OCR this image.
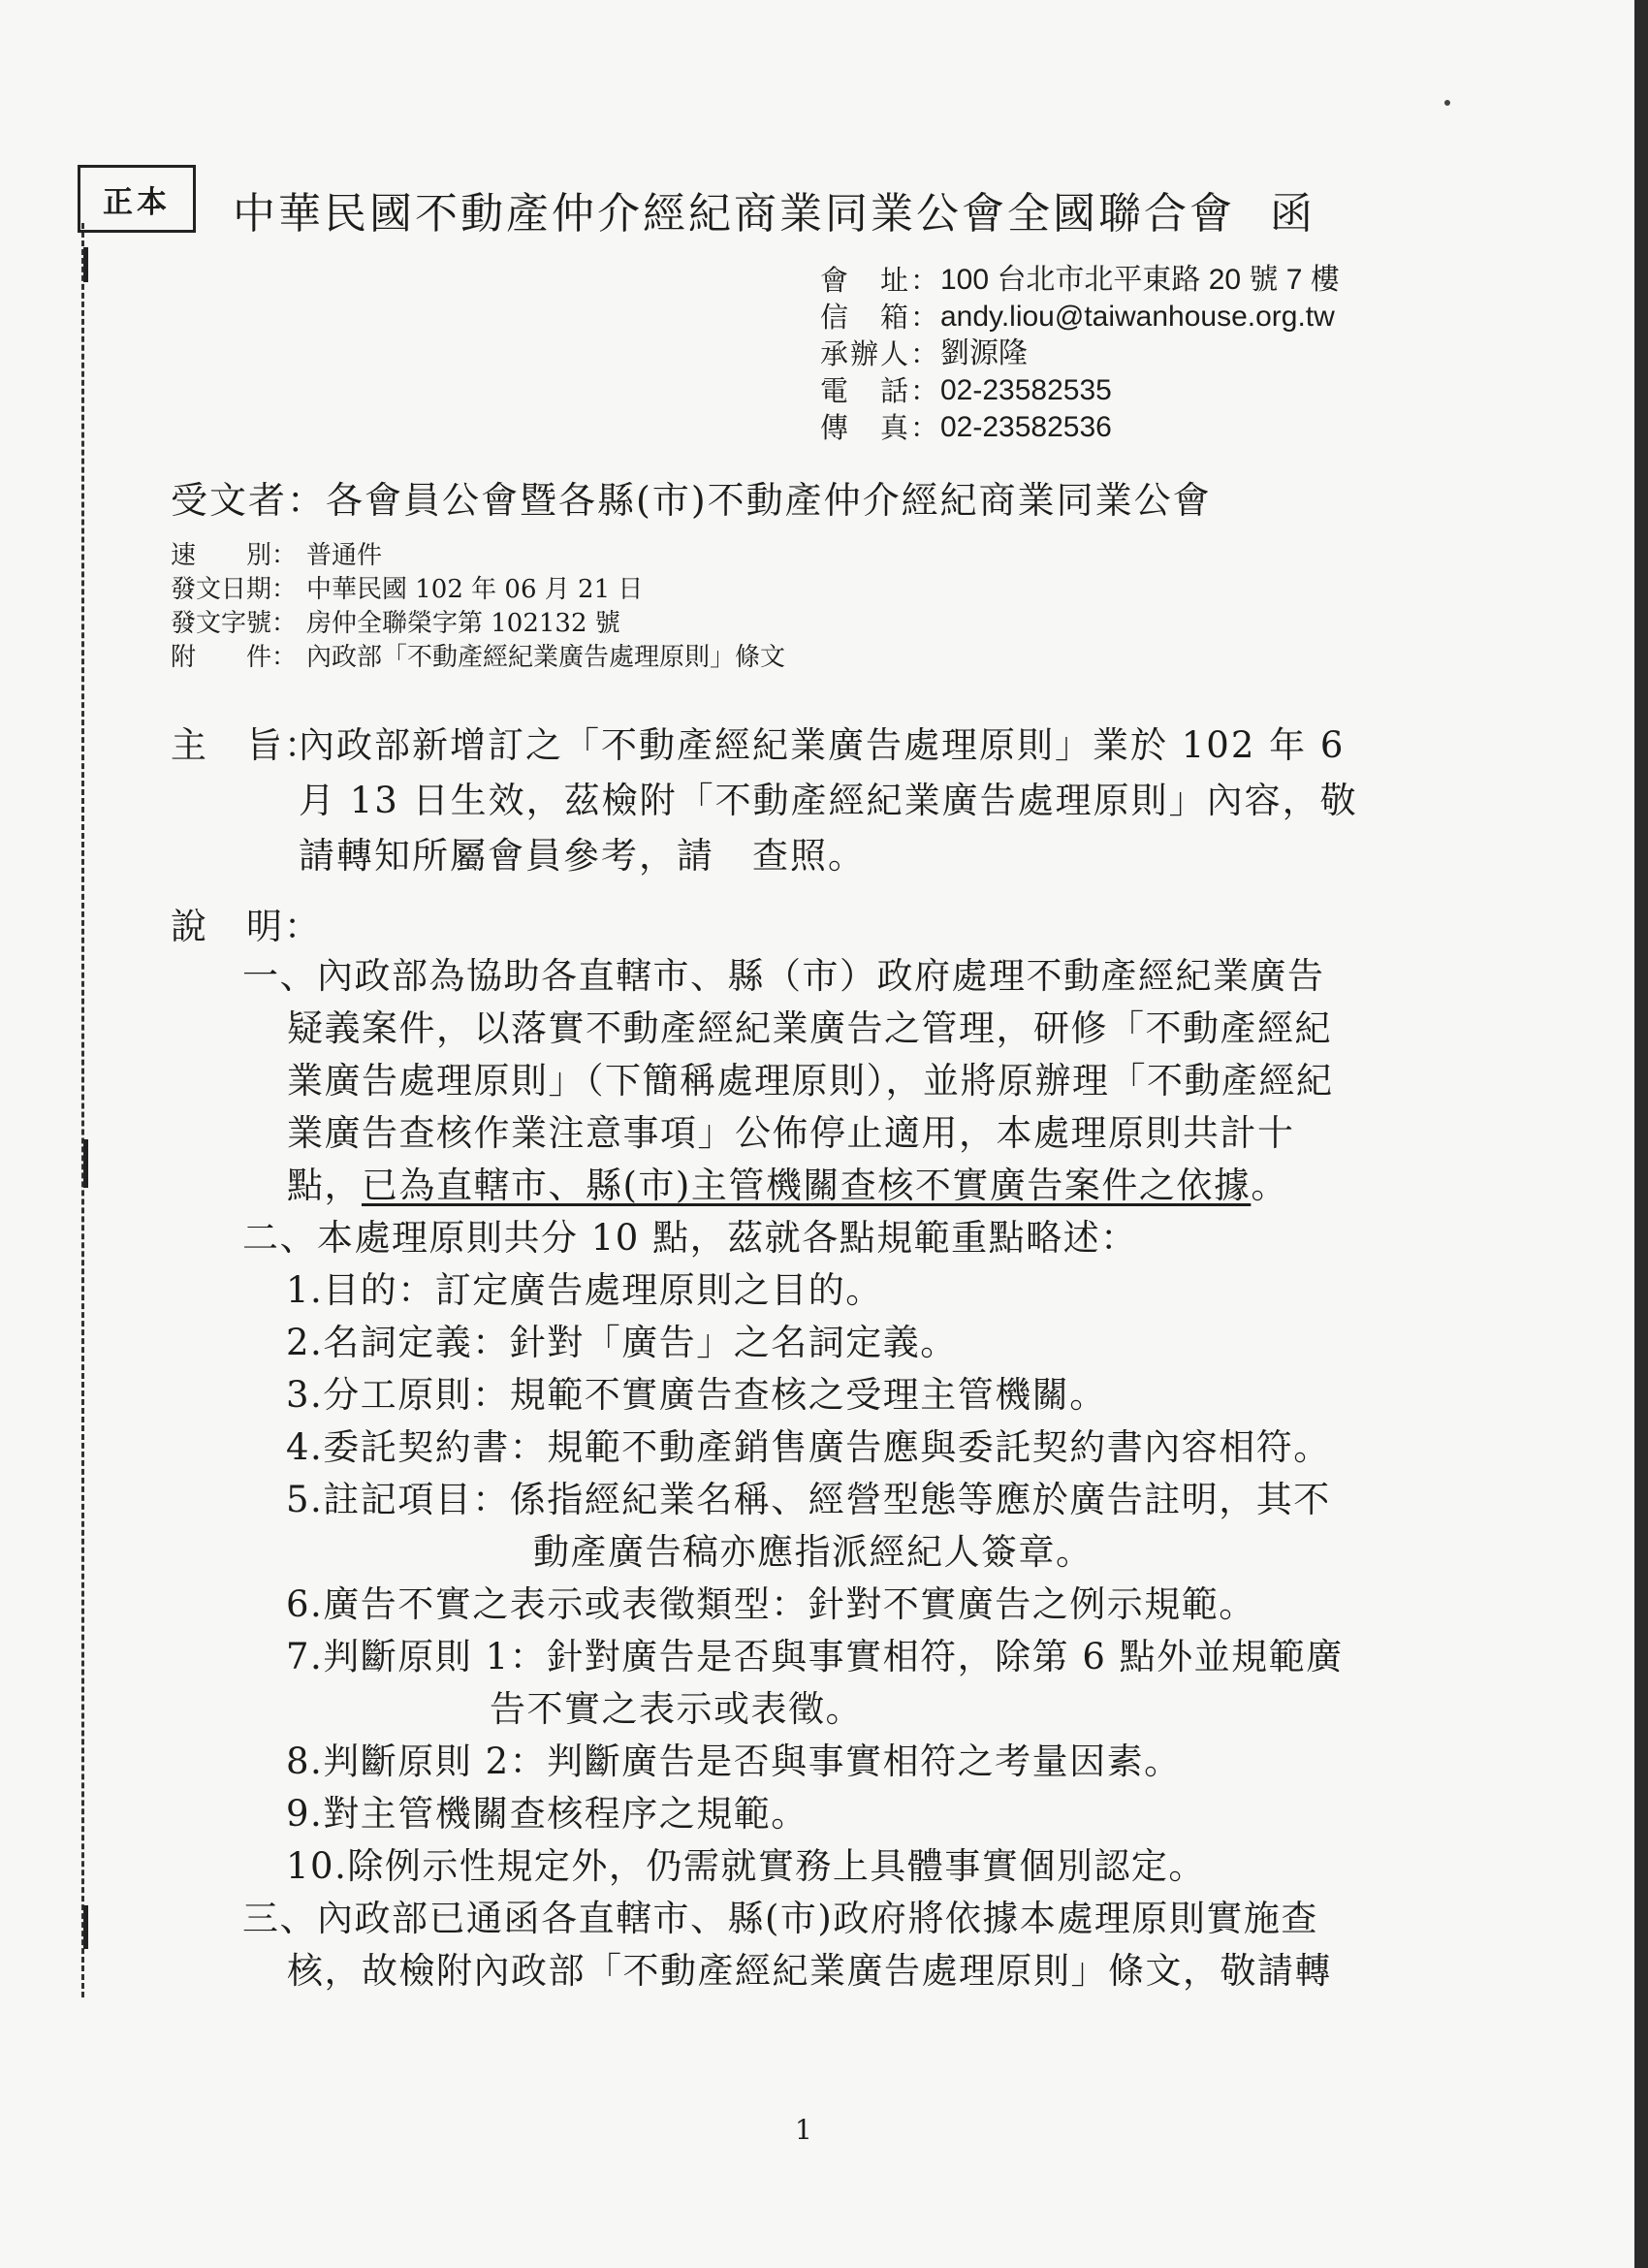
正本	中華民國不動產仲介經紀商業同業公會全國聯合會 函
會　址： 100 台北市北平東路 20 號 7 樓
信　箱： andy.liou@taiwanhouse.org.tw
承辦人： 劉源隆
電　話： 02-23582535
傳　真： 02-23582536
受文者：各會員公會暨各縣(市)不動產仲介經紀商業同業公會
速　　別： 普通件
發文日期： 中華民國 102 年 06 月 21 日
發文字號： 房仲全聯榮字第 102132 號
附　　件： 內政部「不動產經紀業廣告處理原則」條文
主　旨：
內政部新增訂之「不動產經紀業廣告處理原則」業於 102 年 6
月 13 日生效，茲檢附「不動產經紀業廣告處理原則」內容，敬
請轉知所屬會員參考，請　查照。
說　明：
一、內政部為協助各直轄市、縣（市）政府處理不動產經紀業廣告
疑義案件，以落實不動產經紀業廣告之管理，研修「不動產經紀
業廣告處理原則」（下簡稱處理原則），並將原辦理「不動產經紀
業廣告查核作業注意事項」公佈停止適用，本處理原則共計十
點，已為直轄市、縣(市)主管機關查核不實廣告案件之依據。
二、本處理原則共分 10 點，茲就各點規範重點略述：
1.目的：訂定廣告處理原則之目的。
2.名詞定義：針對「廣告」之名詞定義。
3.分工原則：規範不實廣告查核之受理主管機關。
4.委託契約書：規範不動產銷售廣告應與委託契約書內容相符。
5.註記項目：係指經紀業名稱、經營型態等應於廣告註明，其不
動產廣告稿亦應指派經紀人簽章。
6.廣告不實之表示或表徵類型：針對不實廣告之例示規範。
7.判斷原則 1：針對廣告是否與事實相符，除第 6 點外並規範廣
告不實之表示或表徵。
8.判斷原則 2：判斷廣告是否與事實相符之考量因素。
9.對主管機關查核程序之規範。
10.除例示性規定外，仍需就實務上具體事實個別認定。
三、內政部已通函各直轄市、縣(市)政府將依據本處理原則實施查
核，故檢附內政部「不動產經紀業廣告處理原則」條文，敬請轉
1
